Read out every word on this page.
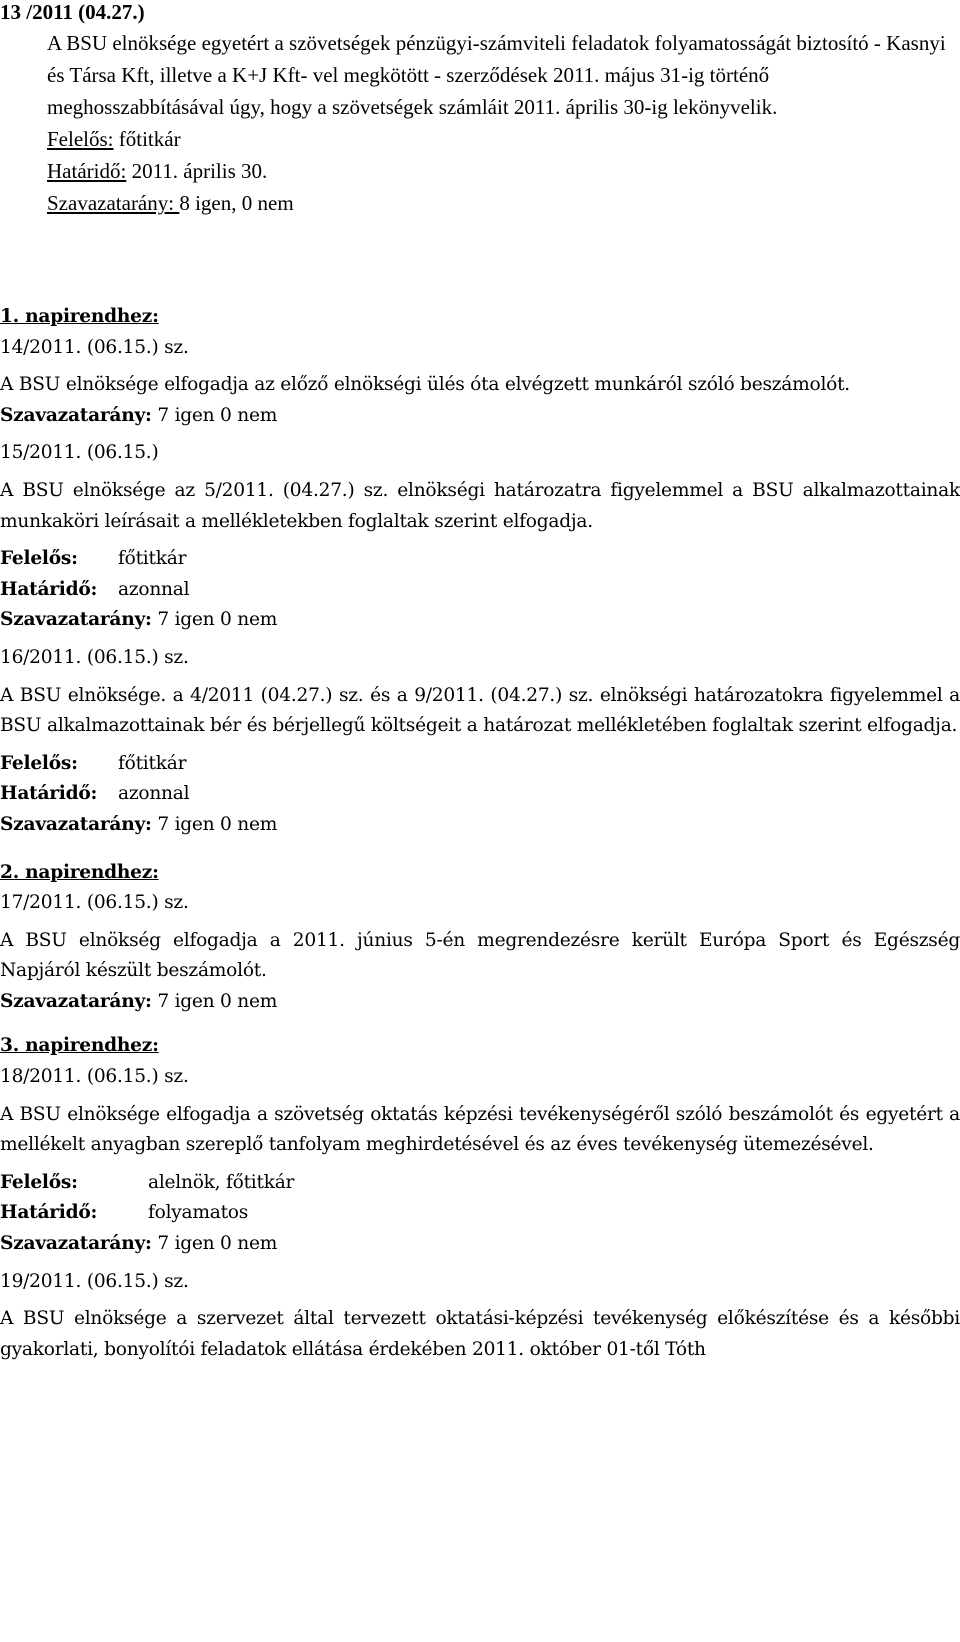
13 /2011 (04.27.)

A BSU elnöksége egyetért a szövetségek pénzügyi-számviteli feladatok folyamatosságát biztosító - Kasnyi és Társa Kft, illetve a K+J Kft- vel megkötött - szerződések 2011. május 31-ig történő meghosszabbításával úgy, hogy a szövetségek számláit 2011. április 30-ig lekönyvelik.

Felelős: főtitkár

Határidő: 2011. április 30.

Szavazatarány: 8 igen, 0 nem

1. napirendhez:

14/2011. (06.15.) sz.

A BSU elnöksége elfogadja az előző elnökségi ülés óta elvégzett munkáról szóló beszámolót.

Szavazatarány: 7 igen 0 nem

15/2011. (06.15.)

A BSU elnöksége az 5/2011. (04.27.) sz. elnökségi határozatra figyelemmel a BSU alkalmazottainak munkaköri leírásait a mellékletekben foglaltak szerint elfogadja.

Felelős: főtitkár

Határidő: azonnal

Szavazatarány: 7 igen 0 nem

16/2011. (06.15.) sz.

A BSU elnöksége. a 4/2011 (04.27.) sz. és a 9/2011. (04.27.) sz. elnökségi határozatokra figyelemmel a BSU alkalmazottainak bér és bérjellegű költségeit a határozat mellékletében foglaltak szerint elfogadja.

Felelős: főtitkár

Határidő: azonnal

Szavazatarány: 7 igen 0 nem

2. napirendhez:

17/2011. (06.15.) sz.

A BSU elnökség elfogadja a 2011. június 5-én megrendezésre került Európa Sport és Egészség Napjáról készült beszámolót.

Szavazatarány: 7 igen 0 nem

3. napirendhez:

18/2011. (06.15.) sz.

A BSU elnöksége elfogadja a szövetség oktatás képzési tevékenységéről szóló beszámolót és egyetért a mellékelt anyagban szereplő tanfolyam meghirdetésével és az éves tevékenység ütemezésével.

Felelős:	alelnök, főtitkár

Határidő:	folyamatos

Szavazatarány: 7 igen 0 nem

19/2011. (06.15.) sz.

A BSU elnöksége a szervezet által tervezett oktatási-képzési tevékenység előkészítése és a későbbi gyakorlati, bonyolítói feladatok ellátása érdekében 2011. október 01-től Tóth
